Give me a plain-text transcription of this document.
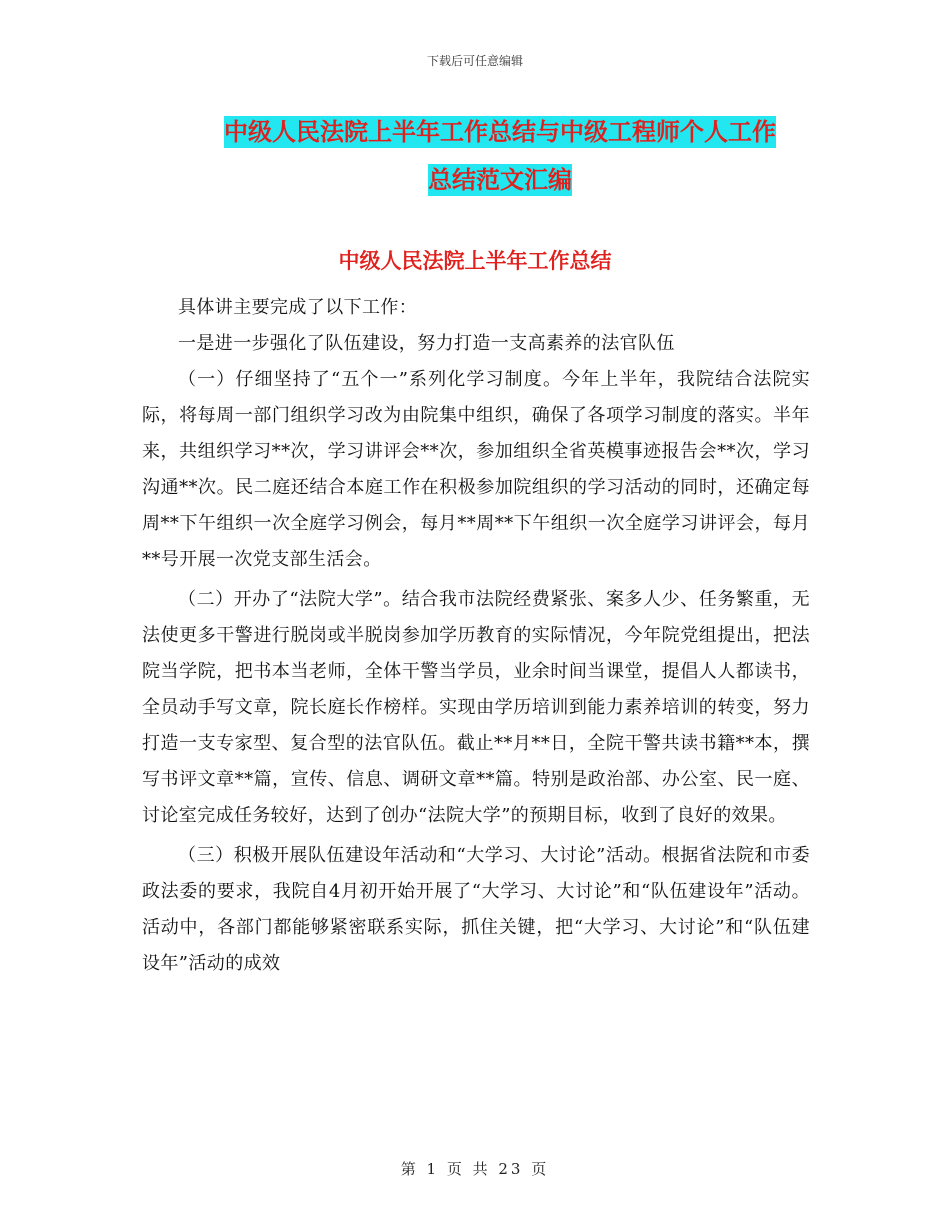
下载后可任意编辑
中级人民法院上半年工作总结与中级工程师个人工作
总结范文汇编
中级人民法院上半年工作总结

具体讲主要完成了以下工作：

一是进一步强化了队伍建设，努力打造一支高素养的法官队伍

（一）仔细坚持了“五个一”系列化学习制度。今年上半年，我院结合法院实际，将每周一部门组织学习改为由院集中组织，确保了各项学习制度的落实。半年来，共组织学习**次，学习讲评会**次，参加组织全省英模事迹报告会**次，学习沟通**次。民二庭还结合本庭工作在积极参加院组织的学习活动的同时，还确定每周**下午组织一次全庭学习例会，每月**周**下午组织一次全庭学习讲评会，每月**号开展一次党支部生活会。

（二）开办了“法院大学”。结合我市法院经费紧张、案多人少、任务繁重，无法使更多干警进行脱岗或半脱岗参加学历教育的实际情况，今年院党组提出，把法院当学院，把书本当老师，全体干警当学员，业余时间当课堂，提倡人人都读书，全员动手写文章，院长庭长作榜样。实现由学历培训到能力素养培训的转变，努力打造一支专家型、复合型的法官队伍。截止**月**日，全院干警共读书籍**本，撰写书评文章**篇，宣传、信息、调研文章**篇。特别是政治部、办公室、民一庭、讨论室完成任务较好，达到了创办“法院大学”的预期目标，收到了良好的效果。

（三）积极开展队伍建设年活动和“大学习、大讨论”活动。根据省法院和市委政法委的要求，我院自4月初开始开展了“大学习、大讨论”和“队伍建设年”活动。活动中，各部门都能够紧密联系实际，抓住关键，把“大学习、大讨论”和“队伍建设年”活动的成效

第 1 页 共 23 页
